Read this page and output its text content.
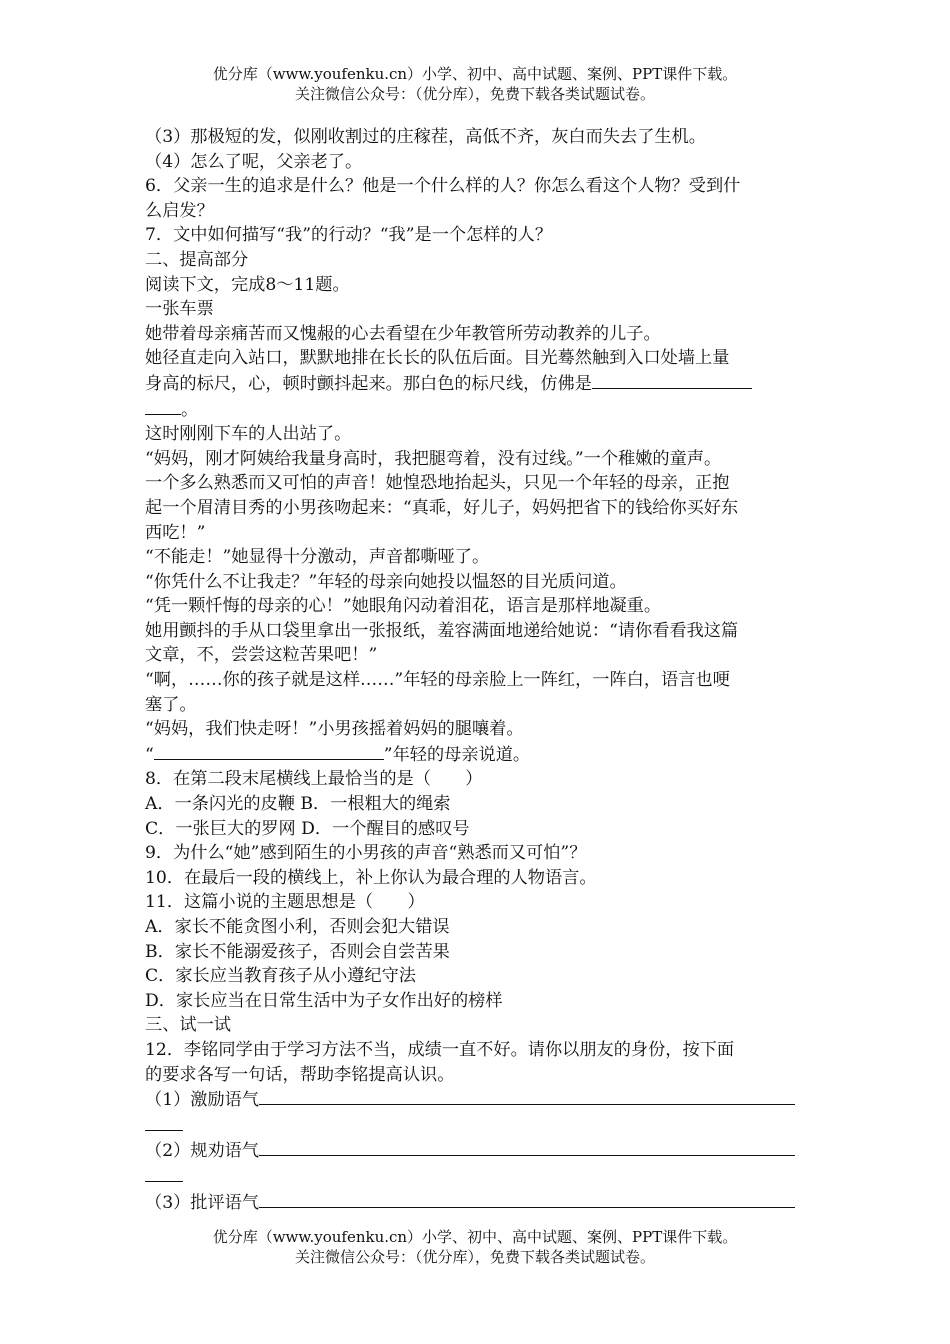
优分库（www.youfenku.cn）小学、初中、高中试题、案例、PPT课件下载。
关注微信公众号：（优分库），免费下载各类试题试卷。
（3）那极短的发，似刚收割过的庄稼茬，高低不齐，灰白而失去了生机。
（4）怎么了呢，父亲老了。
6．父亲一生的追求是什么？他是一个什么样的人？你怎么看这个人物？受到什
么启发？
7．文中如何描写“我”的行动？“我”是一个怎样的人？
二、提高部分
阅读下文，完成8～11题。
一张车票
她带着母亲痛苦而又愧赧的心去看望在少年教管所劳动教养的儿子。
她径直走向入站口，默默地排在长长的队伍后面。目光蓦然触到入口处墙上量
身高的标尺，心，顿时颤抖起来。那白色的标尺线，仿佛是
。
这时刚刚下车的人出站了。
“妈妈，刚才阿姨给我量身高时，我把腿弯着，没有过线。”一个稚嫩的童声。
一个多么熟悉而又可怕的声音！她惶恐地抬起头，只见一个年轻的母亲，正抱
起一个眉清目秀的小男孩吻起来：“真乖，好儿子，妈妈把省下的钱给你买好东
西吃！”
“不能走！”她显得十分激动，声音都嘶哑了。
“你凭什么不让我走？”年轻的母亲向她投以愠怒的目光质问道。
“凭一颗忏悔的母亲的心！”她眼角闪动着泪花，语言是那样地凝重。
她用颤抖的手从口袋里拿出一张报纸，羞容满面地递给她说：“请你看看我这篇
文章，不，尝尝这粒苦果吧！”
“啊，……你的孩子就是这样……”年轻的母亲脸上一阵红，一阵白，语言也哽
塞了。
“妈妈，我们快走呀！”小男孩摇着妈妈的腿嚷着。
“	”年轻的母亲说道。
8．在第二段末尾横线上最恰当的是（　　）
A．一条闪光的皮鞭 B．一根粗大的绳索
C．一张巨大的罗网 D．一个醒目的感叹号
9．为什么“她”感到陌生的小男孩的声音“熟悉而又可怕”？
10．在最后一段的横线上，补上你认为最合理的人物语言。
11．这篇小说的主题思想是（　　）
A．家长不能贪图小利，否则会犯大错误
B．家长不能溺爱孩子，否则会自尝苦果
C．家长应当教育孩子从小遵纪守法
D．家长应当在日常生活中为子女作出好的榜样
三、试一试
12．李铭同学由于学习方法不当，成绩一直不好。请你以朋友的身份，按下面
的要求各写一句话，帮助李铭提高认识。
（1）激励语气
（2）规劝语气
（3）批评语气
优分库（www.youfenku.cn）小学、初中、高中试题、案例、PPT课件下载。
关注微信公众号：（优分库），免费下载各类试题试卷。
